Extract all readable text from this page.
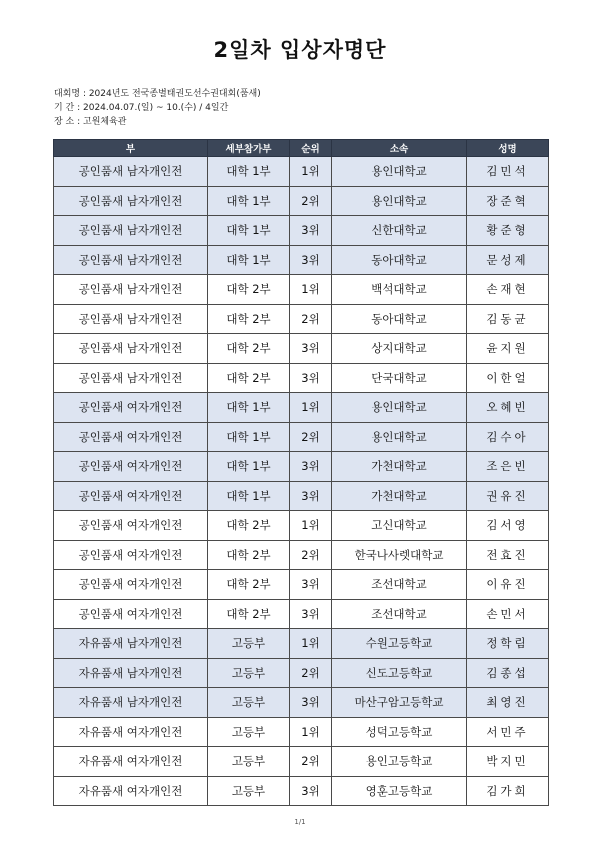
2일차 입상자명단
대회명 : 2024년도 전국종별태권도선수권대회(품새)
기 간 : 2024.04.07.(일) ~ 10.(수) / 4일간
장 소 : 고원체육관
부	세부참가부	순위	소속	성명
공인품새 남자개인전	대학 1부	1위	용인대학교	김민석
공인품새 남자개인전	대학 1부	2위	용인대학교	장준혁
공인품새 남자개인전	대학 1부	3위	신한대학교	황준형
공인품새 남자개인전	대학 1부	3위	동아대학교	문성제
공인품새 남자개인전	대학 2부	1위	백석대학교	손재현
공인품새 남자개인전	대학 2부	2위	동아대학교	김동균
공인품새 남자개인전	대학 2부	3위	상지대학교	윤지원
공인품새 남자개인전	대학 2부	3위	단국대학교	이한얼
공인품새 여자개인전	대학 1부	1위	용인대학교	오혜빈
공인품새 여자개인전	대학 1부	2위	용인대학교	김수아
공인품새 여자개인전	대학 1부	3위	가천대학교	조은빈
공인품새 여자개인전	대학 1부	3위	가천대학교	권유진
공인품새 여자개인전	대학 2부	1위	고신대학교	김서영
공인품새 여자개인전	대학 2부	2위	한국나사렛대학교	전효진
공인품새 여자개인전	대학 2부	3위	조선대학교	이유진
공인품새 여자개인전	대학 2부	3위	조선대학교	손민서
자유품새 남자개인전	고등부	1위	수원고등학교	정학림
자유품새 남자개인전	고등부	2위	신도고등학교	김종섭
자유품새 남자개인전	고등부	3위	마산구암고등학교	최영진
자유품새 여자개인전	고등부	1위	성덕고등학교	서민주
자유품새 여자개인전	고등부	2위	용인고등학교	박지민
자유품새 여자개인전	고등부	3위	영훈고등학교	김가희
1/1
